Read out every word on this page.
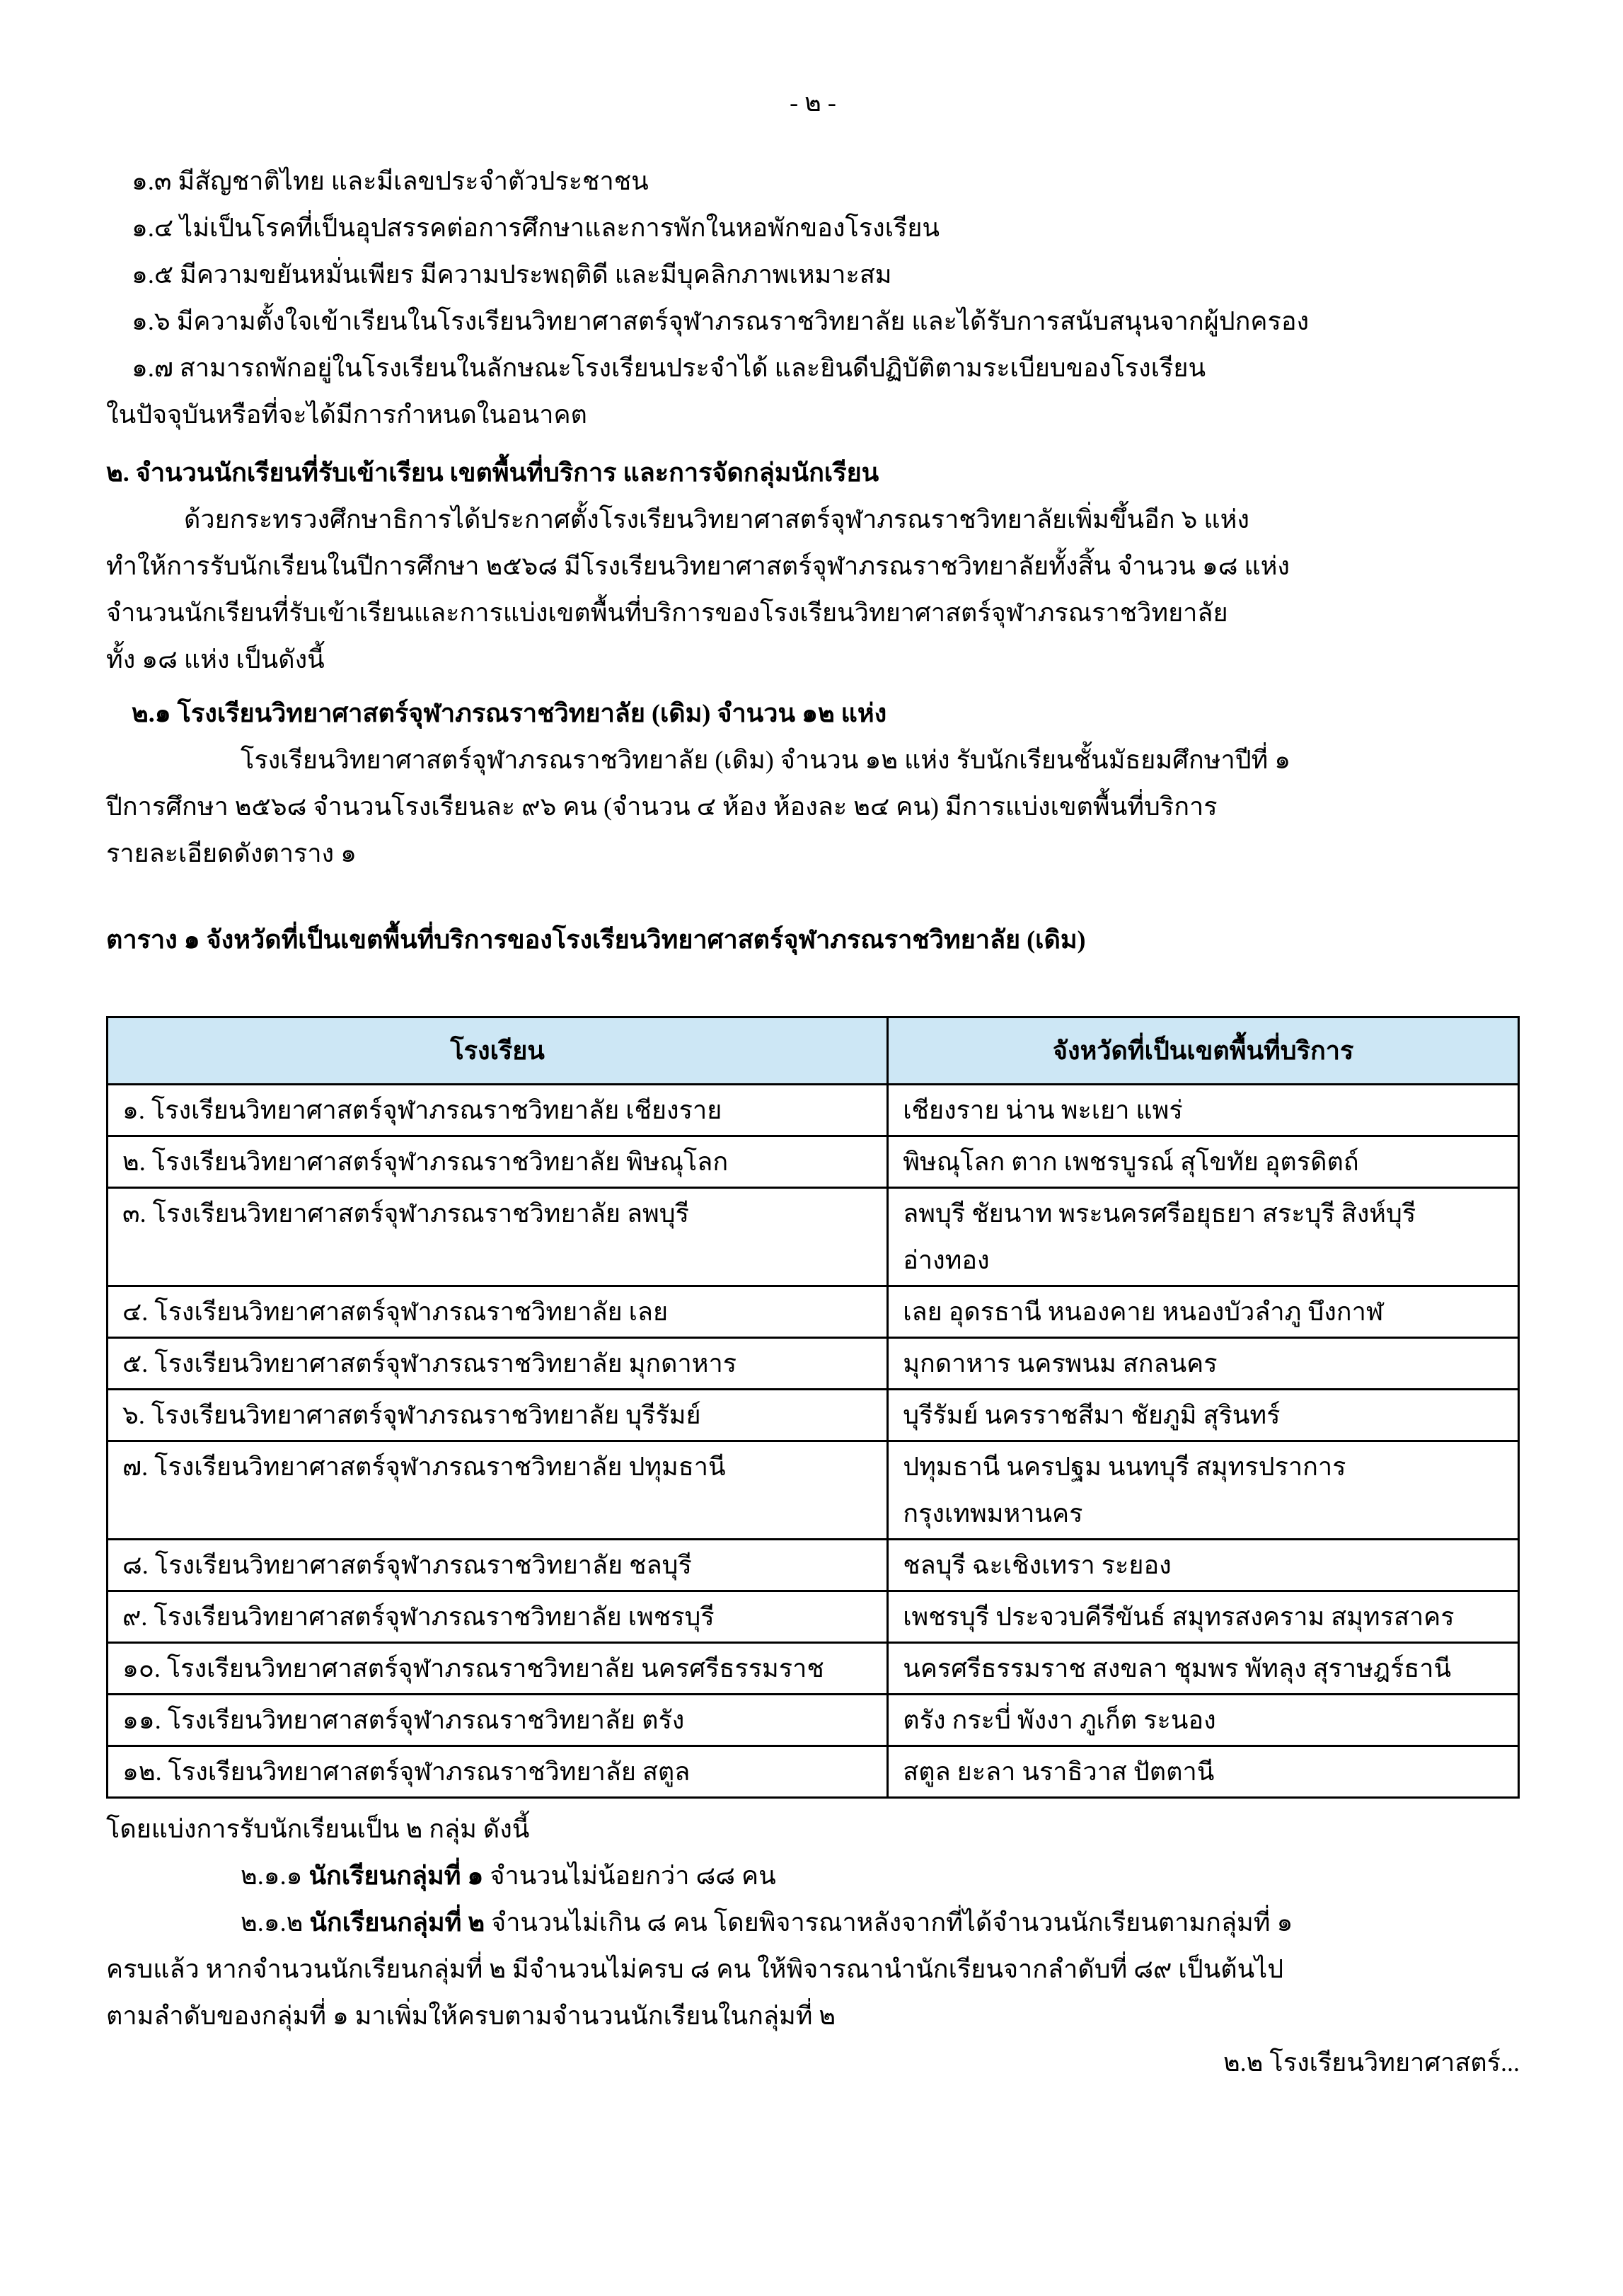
- ๒ -
๑.๓ มีสัญชาติไทย และมีเลขประจำตัวประชาชน
๑.๔ ไม่เป็นโรคที่เป็นอุปสรรคต่อการศึกษาและการพักในหอพักของโรงเรียน
๑.๕ มีความขยันหมั่นเพียร มีความประพฤติดี และมีบุคลิกภาพเหมาะสม
๑.๖ มีความตั้งใจเข้าเรียนในโรงเรียนวิทยาศาสตร์จุฬาภรณราชวิทยาลัย และได้รับการสนับสนุนจากผู้ปกครอง
๑.๗ สามารถพักอยู่ในโรงเรียนในลักษณะโรงเรียนประจำได้ และยินดีปฏิบัติตามระเบียบของโรงเรียน
ในปัจจุบันหรือที่จะได้มีการกำหนดในอนาคต
๒. จำนวนนักเรียนที่รับเข้าเรียน เขตพื้นที่บริการ และการจัดกลุ่มนักเรียน
ด้วยกระทรวงศึกษาธิการได้ประกาศตั้งโรงเรียนวิทยาศาสตร์จุฬาภรณราชวิทยาลัยเพิ่มขึ้นอีก ๖ แห่ง
ทำให้การรับนักเรียนในปีการศึกษา ๒๕๖๘ มีโรงเรียนวิทยาศาสตร์จุฬาภรณราชวิทยาลัยทั้งสิ้น จำนวน ๑๘ แห่ง
จำนวนนักเรียนที่รับเข้าเรียนและการแบ่งเขตพื้นที่บริการของโรงเรียนวิทยาศาสตร์จุฬาภรณราชวิทยาลัย
ทั้ง ๑๘ แห่ง เป็นดังนี้
๒.๑ โรงเรียนวิทยาศาสตร์จุฬาภรณราชวิทยาลัย (เดิม) จำนวน ๑๒ แห่ง
โรงเรียนวิทยาศาสตร์จุฬาภรณราชวิทยาลัย (เดิม) จำนวน ๑๒ แห่ง รับนักเรียนชั้นมัธยมศึกษาปีที่ ๑
ปีการศึกษา ๒๕๖๘ จำนวนโรงเรียนละ ๙๖ คน (จำนวน ๔ ห้อง ห้องละ ๒๔ คน) มีการแบ่งเขตพื้นที่บริการ
รายละเอียดดังตาราง ๑
ตาราง ๑ จังหวัดที่เป็นเขตพื้นที่บริการของโรงเรียนวิทยาศาสตร์จุฬาภรณราชวิทยาลัย (เดิม)
โรงเรียน	จังหวัดที่เป็นเขตพื้นที่บริการ
๑. โรงเรียนวิทยาศาสตร์จุฬาภรณราชวิทยาลัย เชียงราย	เชียงราย น่าน พะเยา แพร่
๒. โรงเรียนวิทยาศาสตร์จุฬาภรณราชวิทยาลัย พิษณุโลก	พิษณุโลก ตาก เพชรบูรณ์ สุโขทัย อุตรดิตถ์
๓. โรงเรียนวิทยาศาสตร์จุฬาภรณราชวิทยาลัย ลพบุรี	ลพบุรี ชัยนาท พระนครศรีอยุธยา สระบุรี สิงห์บุรี อ่างทอง
๔. โรงเรียนวิทยาศาสตร์จุฬาภรณราชวิทยาลัย เลย	เลย อุดรธานี หนองคาย หนองบัวลำภู บึงกาฬ
๕. โรงเรียนวิทยาศาสตร์จุฬาภรณราชวิทยาลัย มุกดาหาร	มุกดาหาร นครพนม สกลนคร
๖. โรงเรียนวิทยาศาสตร์จุฬาภรณราชวิทยาลัย บุรีรัมย์	บุรีรัมย์ นครราชสีมา ชัยภูมิ สุรินทร์
๗. โรงเรียนวิทยาศาสตร์จุฬาภรณราชวิทยาลัย ปทุมธานี	ปทุมธานี นครปฐม นนทบุรี สมุทรปราการ กรุงเทพมหานคร
๘. โรงเรียนวิทยาศาสตร์จุฬาภรณราชวิทยาลัย ชลบุรี	ชลบุรี ฉะเชิงเทรา ระยอง
๙. โรงเรียนวิทยาศาสตร์จุฬาภรณราชวิทยาลัย เพชรบุรี	เพชรบุรี ประจวบคีรีขันธ์ สมุทรสงคราม สมุทรสาคร
๑๐. โรงเรียนวิทยาศาสตร์จุฬาภรณราชวิทยาลัย นครศรีธรรมราช	นครศรีธรรมราช สงขลา ชุมพร พัทลุง สุราษฎร์ธานี
๑๑. โรงเรียนวิทยาศาสตร์จุฬาภรณราชวิทยาลัย ตรัง	ตรัง กระบี่ พังงา ภูเก็ต ระนอง
๑๒. โรงเรียนวิทยาศาสตร์จุฬาภรณราชวิทยาลัย สตูล	สตูล ยะลา นราธิวาส ปัตตานี
โดยแบ่งการรับนักเรียนเป็น ๒ กลุ่ม ดังนี้
๒.๑.๑ นักเรียนกลุ่มที่ ๑ จำนวนไม่น้อยกว่า ๘๘ คน
๒.๑.๒ นักเรียนกลุ่มที่ ๒ จำนวนไม่เกิน ๘ คน โดยพิจารณาหลังจากที่ได้จำนวนนักเรียนตามกลุ่มที่ ๑
ครบแล้ว หากจำนวนนักเรียนกลุ่มที่ ๒ มีจำนวนไม่ครบ ๘ คน ให้พิจารณานำนักเรียนจากลำดับที่ ๘๙ เป็นต้นไป
ตามลำดับของกลุ่มที่ ๑ มาเพิ่มให้ครบตามจำนวนนักเรียนในกลุ่มที่ ๒
๒.๒ โรงเรียนวิทยาศาสตร์...
